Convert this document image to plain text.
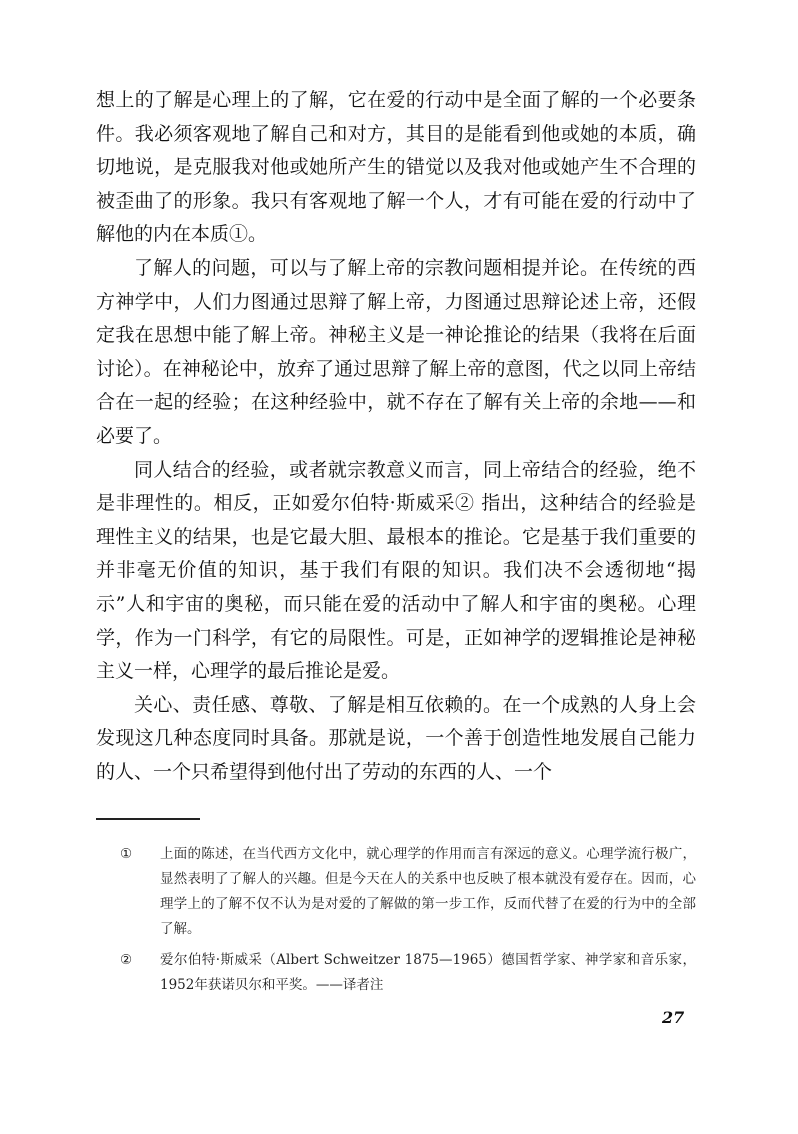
想上的了解是心理上的了解，它在爱的行动中是全面了解的一个必要条件。我必须客观地了解自己和对方，其目的是能看到他或她的本质，确切地说，是克服我对他或她所产生的错觉以及我对他或她产生不合理的被歪曲了的形象。我只有客观地了解一个人，才有可能在爱的行动中了解他的内在本质①。

了解人的问题，可以与了解上帝的宗教问题相提并论。在传统的西方神学中，人们力图通过思辩了解上帝，力图通过思辩论述上帝，还假定我在思想中能了解上帝。神秘主义是一神论推论的结果（我将在后面讨论）。在神秘论中，放弃了通过思辩了解上帝的意图，代之以同上帝结合在一起的经验；在这种经验中，就不存在了解有关上帝的余地——和必要了。

同人结合的经验，或者就宗教意义而言，同上帝结合的经验，绝不是非理性的。相反，正如爱尔伯特·斯威采② 指出，这种结合的经验是理性主义的结果，也是它最大胆、最根本的推论。它是基于我们重要的并非毫无价值的知识，基于我们有限的知识。我们决不会透彻地“揭示”人和宇宙的奥秘，而只能在爱的活动中了解人和宇宙的奥秘。心理学，作为一门科学，有它的局限性。可是，正如神学的逻辑推论是神秘主义一样，心理学的最后推论是爱。

关心、责任感、尊敬、了解是相互依赖的。在一个成熟的人身上会发现这几种态度同时具备。那就是说，一个善于创造性地发展自己能力的人、一个只希望得到他付出了劳动的东西的人、一个

①	上面的陈述，在当代西方文化中，就心理学的作用而言有深远的意义。心理学流行极广，显然表明了了解人的兴趣。但是今天在人的关系中也反映了根本就没有爱存在。因而，心理学上的了解不仅不认为是对爱的了解做的第一步工作，反而代替了在爱的行为中的全部了解。
②	爱尔伯特·斯威采（Albert Schweitzer 1875—1965）德国哲学家、神学家和音乐家，1952年获诺贝尔和平奖。——译者注
27
